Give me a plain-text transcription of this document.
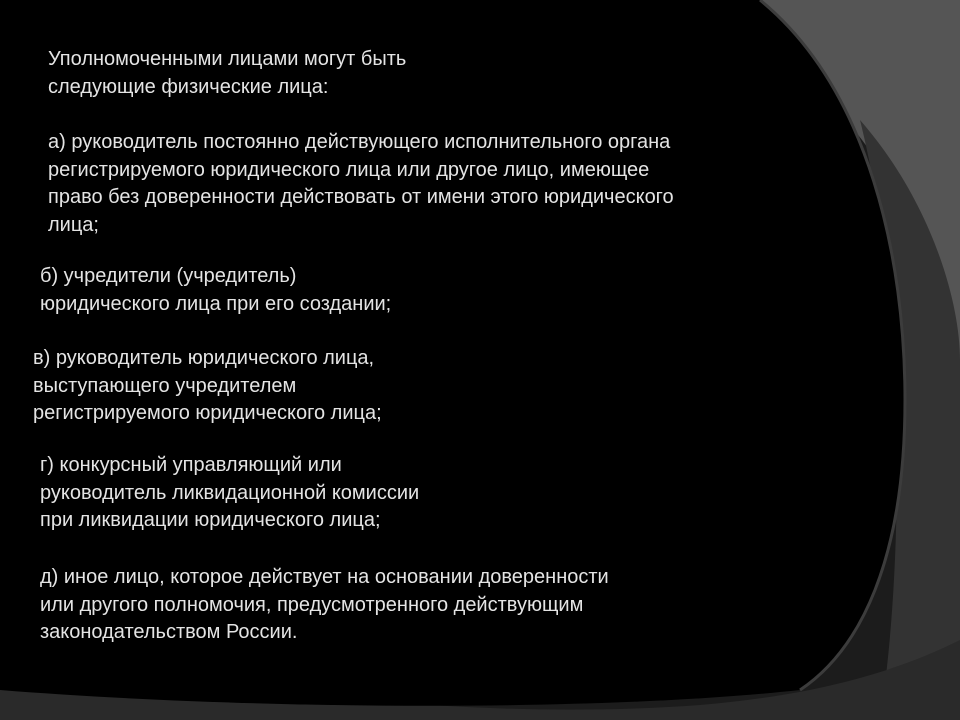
Уполномоченными лицами могут быть
следующие физические лица:

а) руководитель постоянно действующего исполнительного органа
регистрируемого юридического лица или другое лицо, имеющее
право без доверенности действовать от имени этого юридического
лица;

б) учредители (учредитель)
юридического лица при его создании;

в) руководитель юридического лица,
выступающего учредителем
регистрируемого юридического лица;

г) конкурсный управляющий или
руководитель ликвидационной комиссии
при ликвидации юридического лица;

д) иное лицо, которое действует на основании доверенности
или другого полномочия, предусмотренного действующим
законодательством России.
